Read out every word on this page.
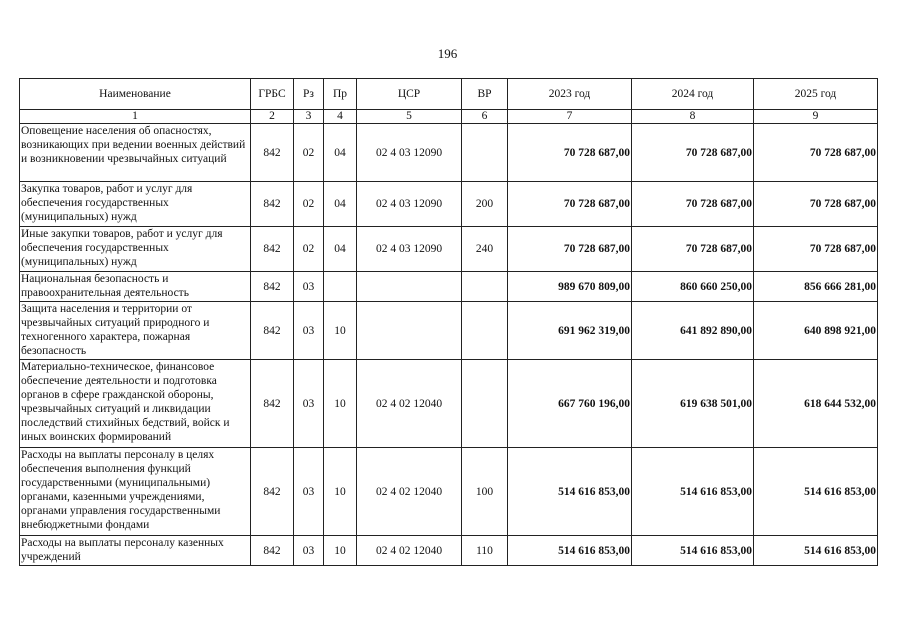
196
Наименование	ГРБС	Рз	Пр	ЦСР	ВР	2023 год	2024 год	2025 год
1	2	3	4	5	6	7	8	9
Оповещение населения об опасностях, возникающих при ведении военных действий и возникновении чрезвычайных ситуаций	842	02	04	02 4 03 12090		70 728 687,00	70 728 687,00	70 728 687,00
Закупка товаров, работ и услуг для обеспечения государственных (муниципальных) нужд	842	02	04	02 4 03 12090	200	70 728 687,00	70 728 687,00	70 728 687,00
Иные закупки товаров, работ и услуг для обеспечения государственных (муниципальных) нужд	842	02	04	02 4 03 12090	240	70 728 687,00	70 728 687,00	70 728 687,00
Национальная безопасность и правоохранительная деятельность	842	03				989 670 809,00	860 660 250,00	856 666 281,00
Защита населения и территории от чрезвычайных ситуаций природного и техногенного характера, пожарная безопасность	842	03	10			691 962 319,00	641 892 890,00	640 898 921,00
Материально-техническое, финансовое обеспечение деятельности и подготовка органов в сфере гражданской обороны, чрезвычайных ситуаций и ликвидации последствий стихийных бедствий, войск и иных воинских формирований	842	03	10	02 4 02 12040		667 760 196,00	619 638 501,00	618 644 532,00
Расходы на выплаты персоналу в целях обеспечения выполнения функций государственными (муниципальными) органами, казенными учреждениями, органами управления государственными внебюджетными фондами	842	03	10	02 4 02 12040	100	514 616 853,00	514 616 853,00	514 616 853,00
Расходы на выплаты персоналу казенных учреждений	842	03	10	02 4 02 12040	110	514 616 853,00	514 616 853,00	514 616 853,00
